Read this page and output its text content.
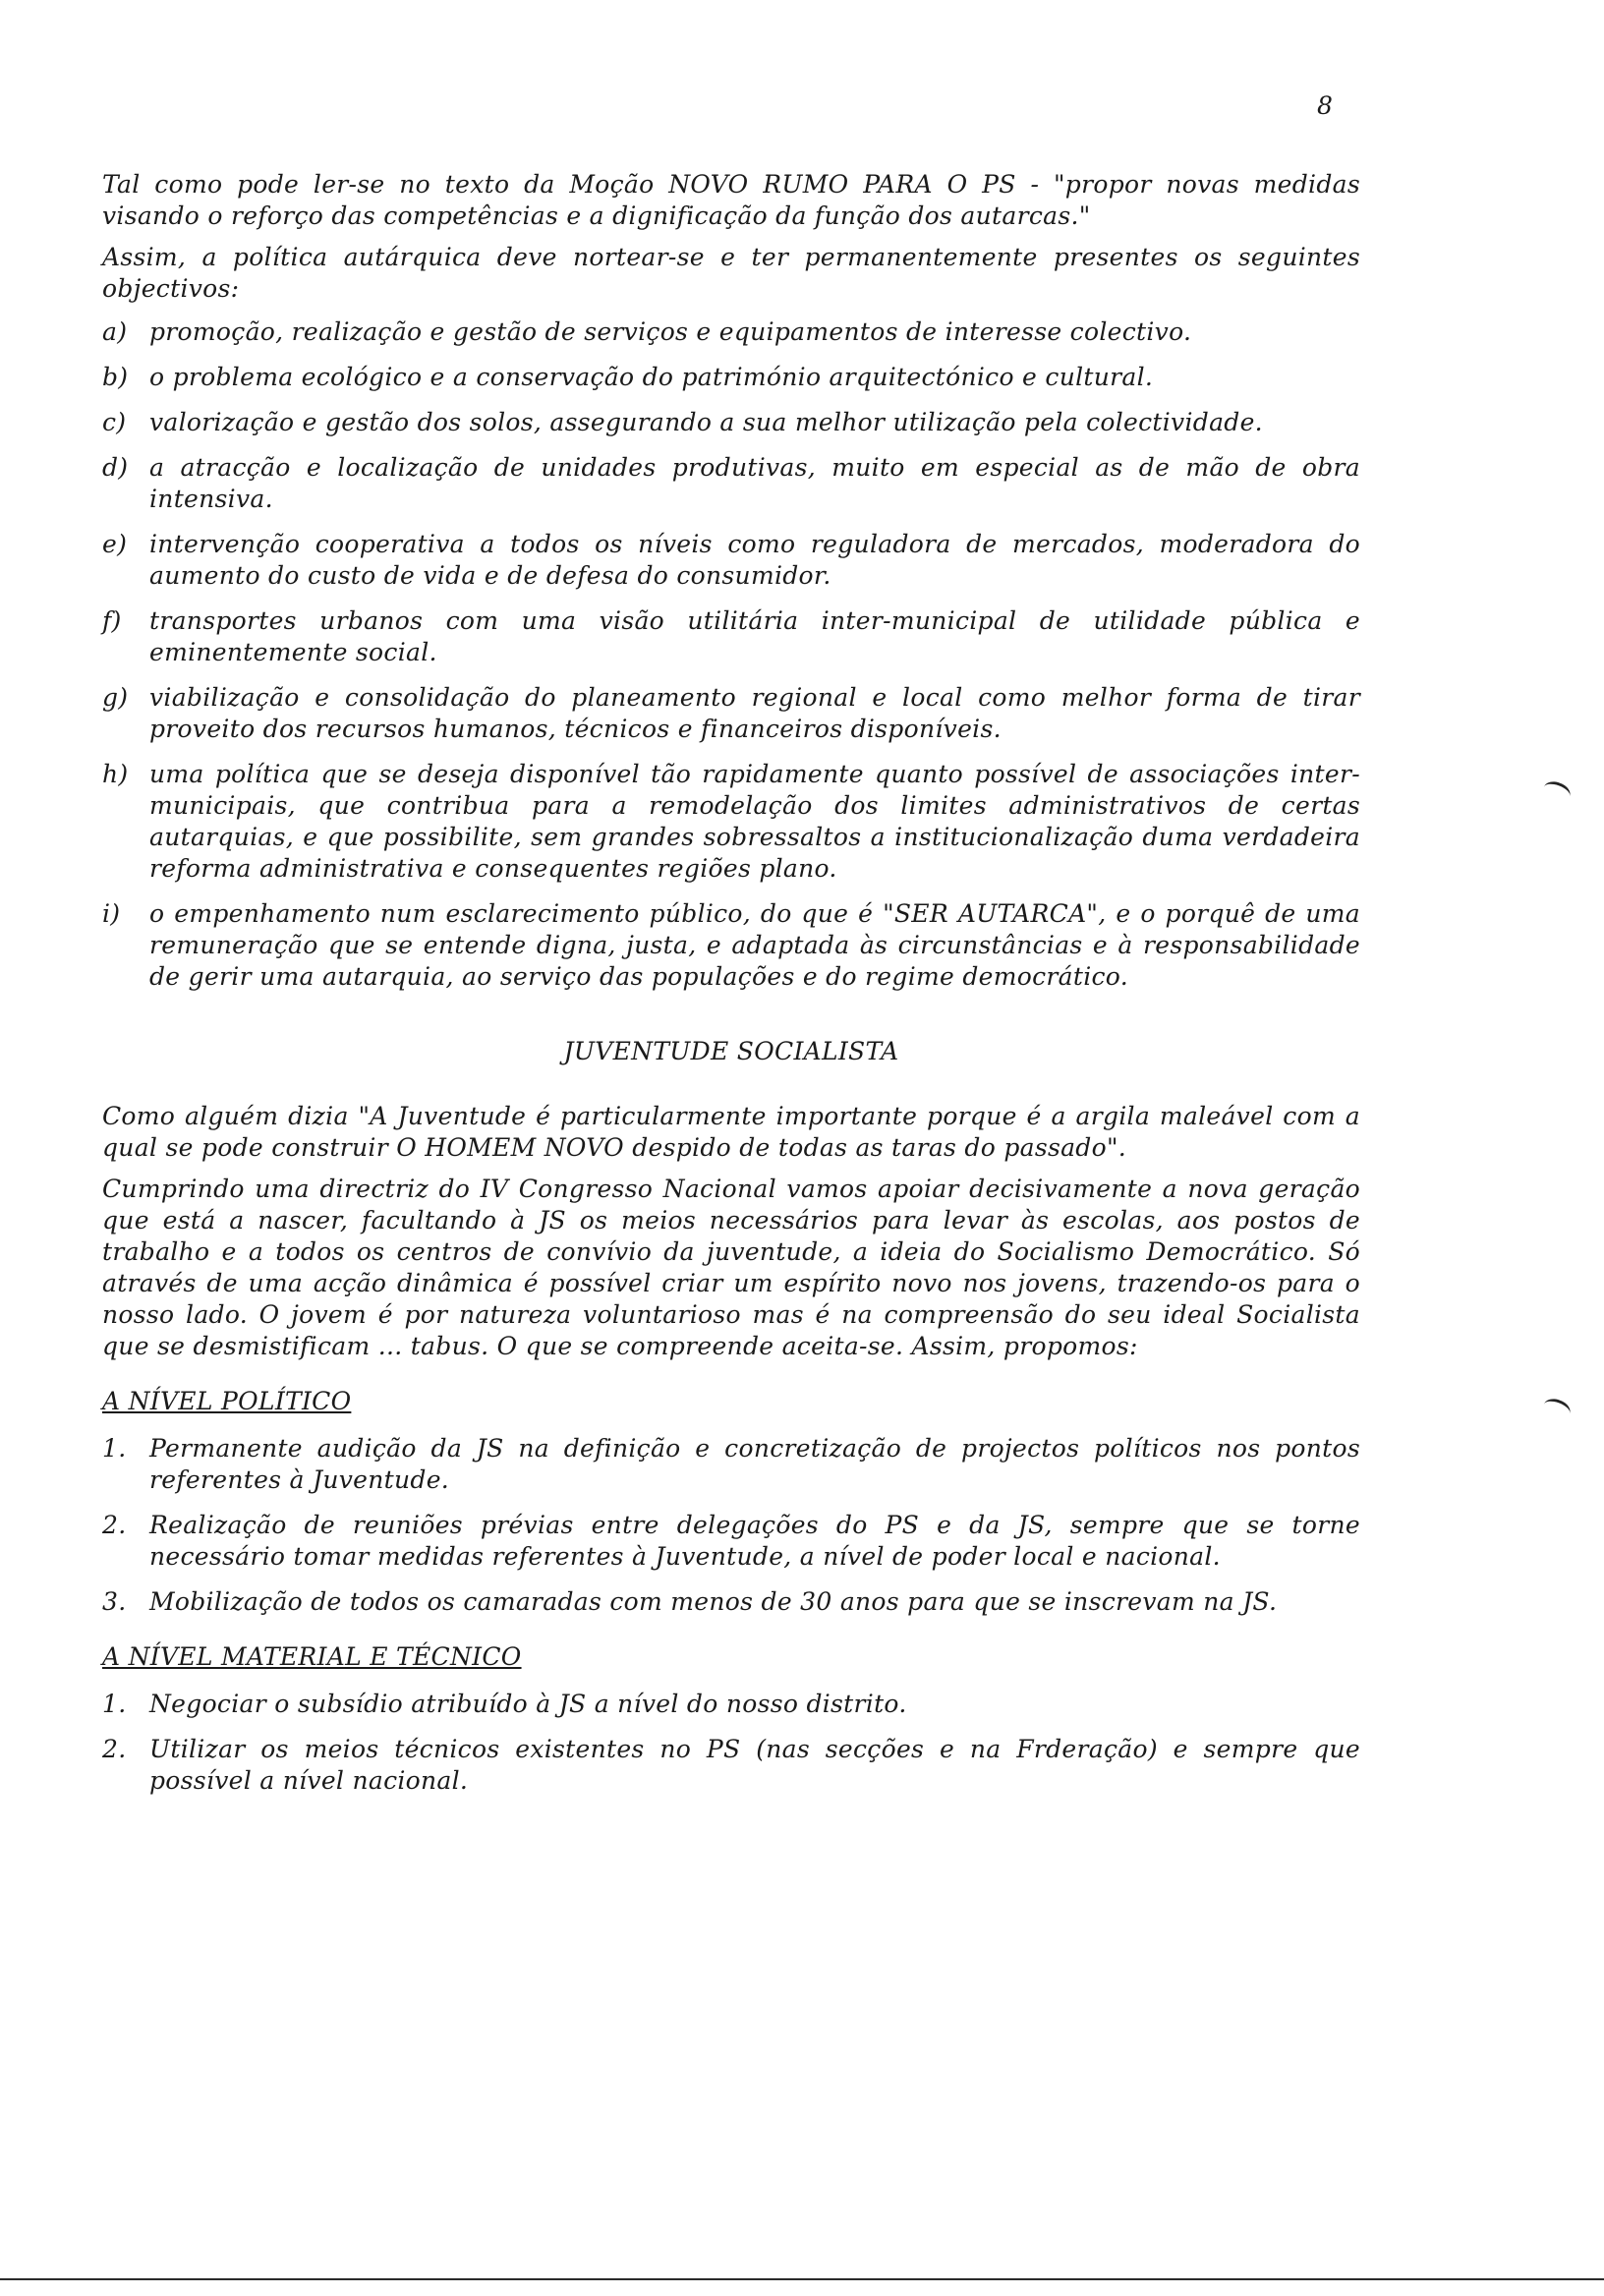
8

Tal como pode ler-se no texto da Moção NOVO RUMO PARA O PS - "propor novas medidas visando o reforço das competências e a dignificação da função dos autarcas."

Assim, a política autárquica deve nortear-se e ter permanentemente presentes os seguintes objectivos:

a) promoção, realização e gestão de serviços e equipamentos de interesse colectivo.
b) o problema ecológico e a conservação do património arquitectónico e cultural.
c) valorização e gestão dos solos, assegurando a sua melhor utilização pela colectividade.
d) a atracção e localização de unidades produtivas, muito em especial as de mão de obra intensiva.
e) intervenção cooperativa a todos os níveis como reguladora de mercados, moderadora do aumento do custo de vida e de defesa do consumidor.
f) transportes urbanos com uma visão utilitária inter-municipal de utilidade pública e eminentemente social.
g) viabilização e consolidação do planeamento regional e local como melhor forma de tirar proveito dos recursos humanos, técnicos e financeiros disponíveis.
h) uma política que se deseja disponível tão rapidamente quanto possível de associações inter-municipais, que contribua para a remodelação dos limites administrativos de certas autarquias, e que possibilite, sem grandes sobressaltos a institucionalização duma verdadeira reforma administrativa e consequentes regiões plano.
i) o empenhamento num esclarecimento público, do que é "SER AUTARCA", e o porquê de uma remuneração que se entende digna, justa, e adaptada às circunstâncias e à responsabilidade de gerir uma autarquia, ao serviço das populações e do regime democrático.
JUVENTUDE SOCIALISTA

Como alguém dizia "A Juventude é particularmente importante porque é a argila maleável com a qual se pode construir O HOMEM NOVO despido de todas as taras do passado".

Cumprindo uma directriz do IV Congresso Nacional vamos apoiar decisivamente a nova geração que está a nascer, facultando à JS os meios necessários para levar às escolas, aos postos de trabalho e a todos os centros de convívio da juventude, a ideia do Socialismo Democrático. Só através de uma acção dinâmica é possível criar um espírito novo nos jovens, trazendo-os para o nosso lado. O jovem é por natureza voluntarioso mas é na compreensão do seu ideal Socialista que se desmistificam ... tabus. O que se compreende aceita-se. Assim, propomos:

A NÍVEL POLÍTICO
1. Permanente audição da JS na definição e concretização de projectos políticos nos pontos referentes à Juventude.
2. Realização de reuniões prévias entre delegações do PS e da JS, sempre que se torne necessário tomar medidas referentes à Juventude, a nível de poder local e nacional.
3. Mobilização de todos os camaradas com menos de 30 anos para que se inscrevam na JS.
A NÍVEL MATERIAL E TÉCNICO
1. Negociar o subsídio atribuído à JS a nível do nosso distrito.
2. Utilizar os meios técnicos existentes no PS (nas secções e na Frderação) e sempre que possível a nível nacional.
